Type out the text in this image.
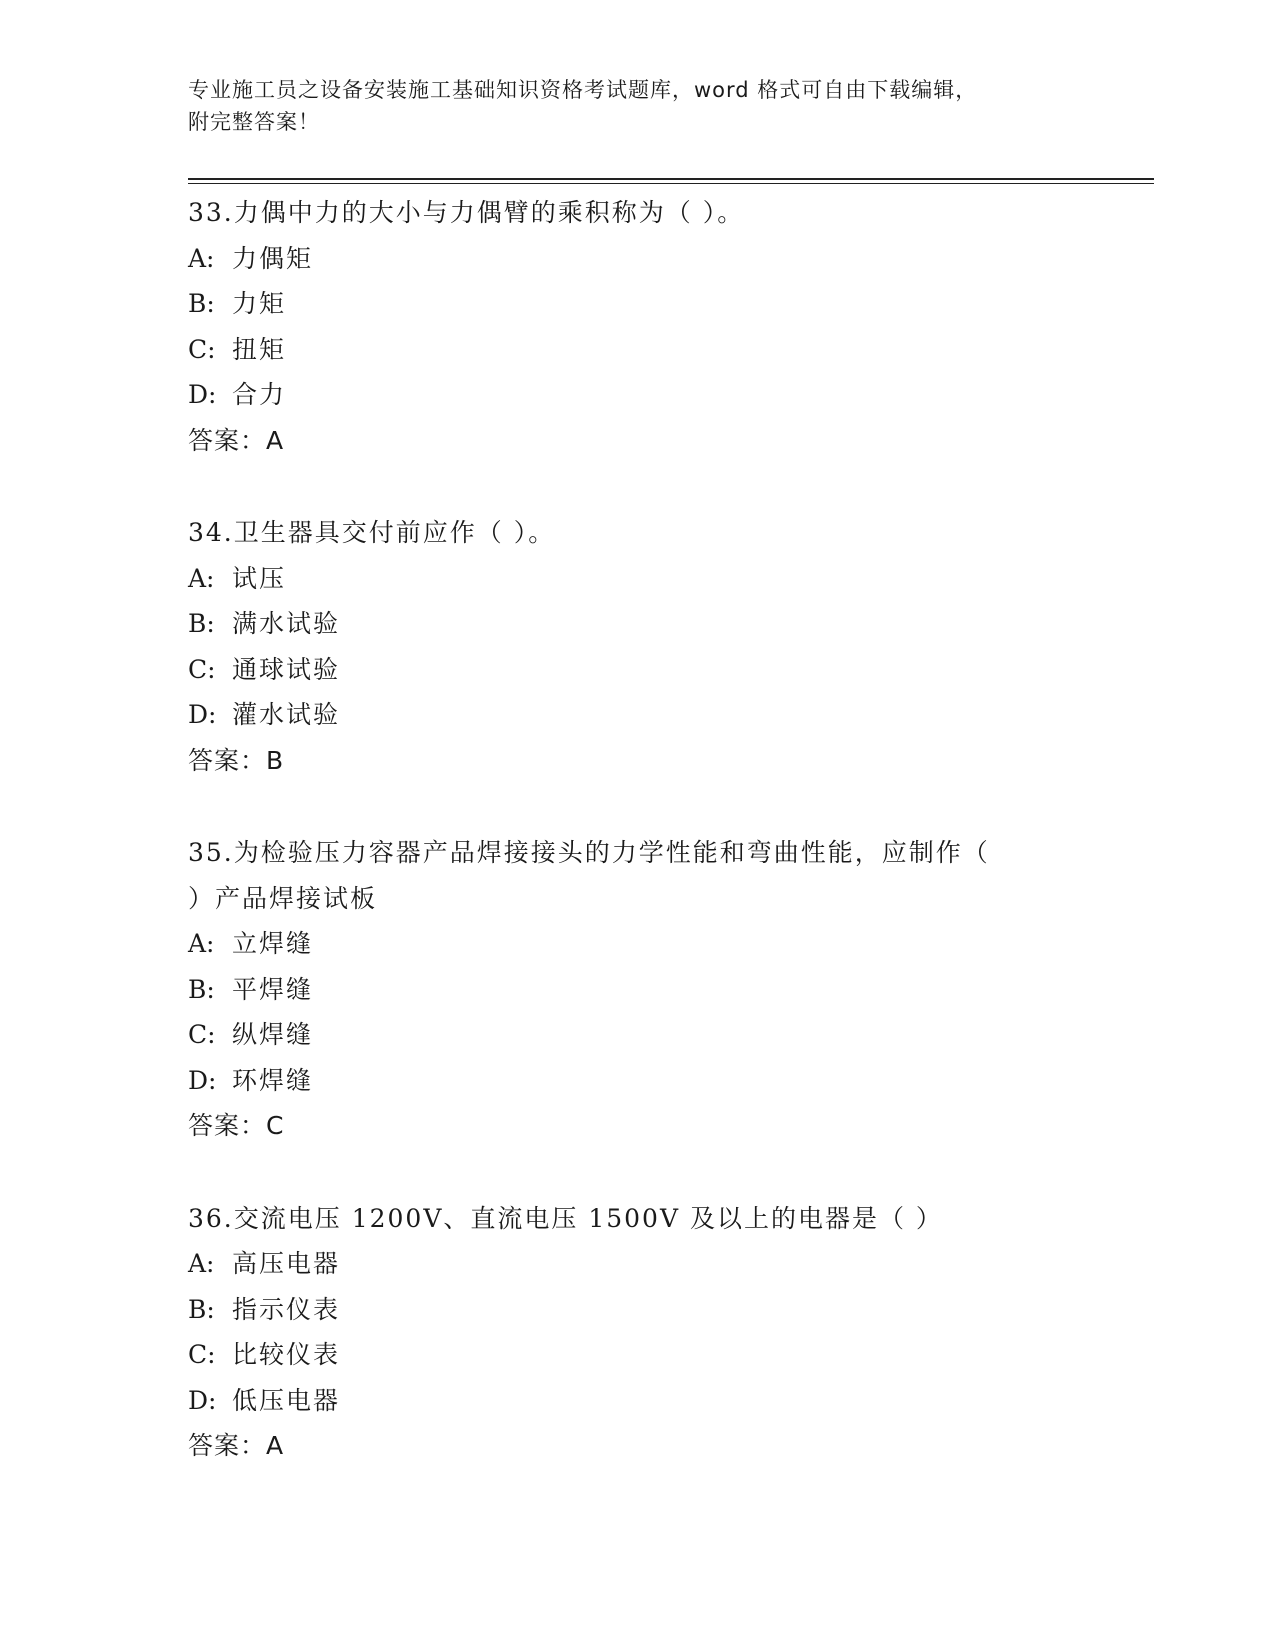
专业施工员之设备安装施工基础知识资格考试题库，word 格式可自由下载编辑，
附完整答案！
33.力偶中力的大小与力偶臂的乘积称为（ ）。
A: 力偶矩
B: 力矩
C: 扭矩
D: 合力
答案：A
34.卫生器具交付前应作（ ）。
A: 试压
B: 满水试验
C: 通球试验
D: 灌水试验
答案：B
35.为检验压力容器产品焊接接头的力学性能和弯曲性能，应制作（
）产品焊接试板
A: 立焊缝
B: 平焊缝
C: 纵焊缝
D: 环焊缝
答案：C
36.交流电压 1200V、直流电压 1500V 及以上的电器是（ ）
A: 高压电器
B: 指示仪表
C: 比较仪表
D: 低压电器
答案：A
